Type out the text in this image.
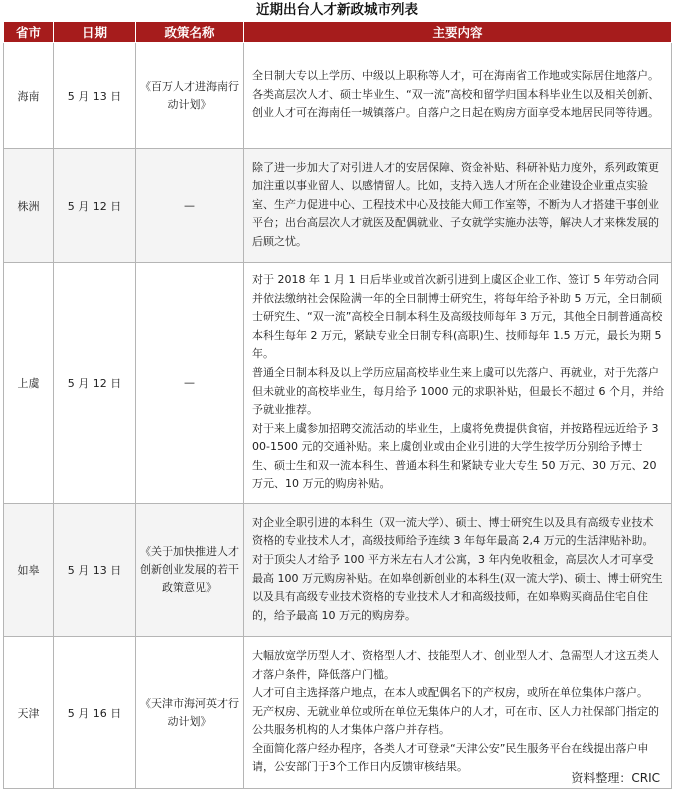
近期出台人才新政城市列表
省市	日期	政策名称	主要内容
海南	5 月 13 日	《百万人才进海南行动计划》	全日制大专以上学历、中级以上职称等人才，可在海南省工作地或实际居住地落户。各类高层次人才、硕士毕业生、“双一流”高校和留学归国本科毕业生以及相关创新、创业人才可在海南任一城镇落户。自落户之日起在购房方面享受本地居民同等待遇。

株洲	5 月 12 日	—	除了进一步加大了对引进人才的安居保障、资金补贴、科研补贴力度外，系列政策更加注重以事业留人、以感情留人。比如，支持入选人才所在企业建设企业重点实验室、生产力促进中心、工程技术中心及技能大师工作室等，不断为人才搭建干事创业平台；出台高层次人才就医及配偶就业、子女就学实施办法等，解决人才来株发展的后顾之忧。

上虞	5 月 12 日	—	对于 2018 年 1 月 1 日后毕业或首次新引进到上虞区企业工作、签订 5 年劳动合同并依法缴纳社会保险满一年的全日制博士研究生，将每年给予补助 5 万元，全日制硕士研究生、“双一流”高校全日制本科生及高级技师每年 3 万元，其他全日制普通高校本科生每年 2 万元，紧缺专业全日制专科(高职)生、技师每年 1.5 万元，最长为期 5 年。

普通全日制本科及以上学历应届高校毕业生来上虞可以先落户、再就业，对于先落户但未就业的高校毕业生，每月给予 1000 元的求职补贴，但最长不超过 6 个月，并给予就业推荐。

对于来上虞参加招聘交流活动的毕业生，上虞将免费提供食宿，并按路程远近给予 300-1500 元的交通补贴。来上虞创业或由企业引进的大学生按学历分别给予博士生、硕士生和双一流本科生、普通本科生和紧缺专业大专生 50 万元、30 万元、20 万元、10 万元的购房补贴。

如皋	5 月 13 日	《关于加快推进人才创新创业发展的若干政策意见》	对企业全职引进的本科生（双一流大学）、硕士、博士研究生以及具有高级专业技术资格的专业技术人才，高级技师给予连续 3 年每年最高 2,4 万元的生活津贴补助。对于顶尖人才给予 100 平方米左右人才公寓，3 年内免收租金，高层次人才可享受最高 100 万元购房补贴。在如皋创新创业的本科生(双一流大学)、硕士、博士研究生以及具有高级专业技术资格的专业技术人才和高级技师，在如皋购买商品住宅自住的，给予最高 10 万元的购房券。

天津	5 月 16 日	《天津市海河英才行动计划》	大幅放宽学历型人才、资格型人才、技能型人才、创业型人才、急需型人才这五类人才落户条件，降低落户门槛。

人才可自主选择落户地点，在本人或配偶名下的产权房，或所在单位集体户落户。

无产权房、无就业单位或所在单位无集体户的人才，可在市、区人力社保部门指定的公共服务机构的人才集体户落户并存档。

全面简化落户经办程序，各类人才可登录“天津公安”民生服务平台在线提出落户申请，公安部门于3个工作日内反馈审核结果。

资料整理：CRIC
